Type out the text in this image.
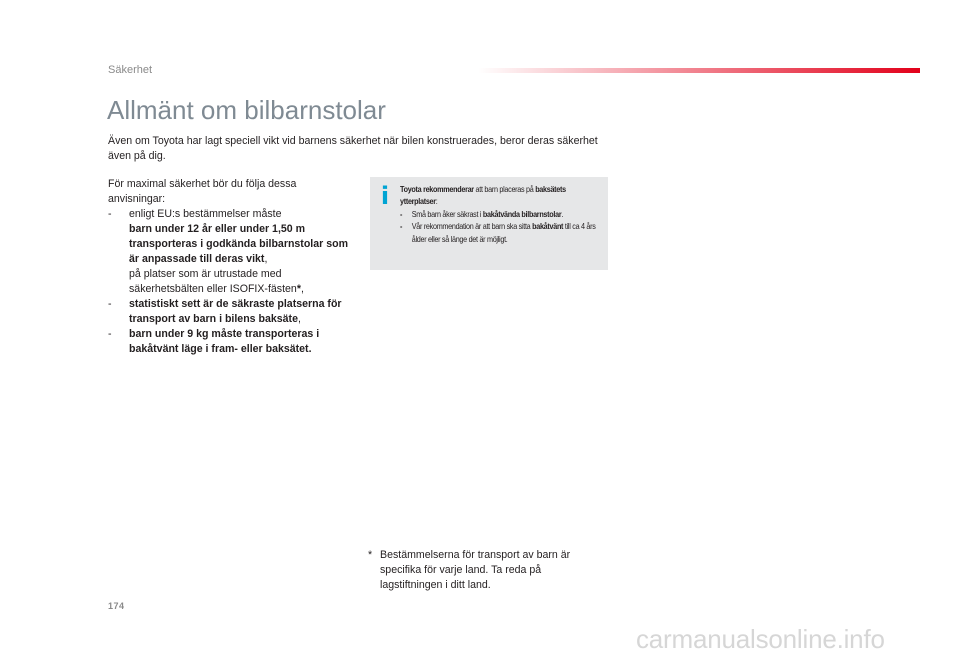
Säkerhet
Allmänt om bilbarnstolar

Även om Toyota har lagt speciell vikt vid barnens säkerhet när bilen konstruerades, beror deras säkerhet även på dig.

För maximal säkerhet bör du följa dessa anvisningar:

- enligt EU:s bestämmelser måste
barn under 12 år eller under 1,50 m transporteras i godkända bilbarnstolar som är anpassade till deras vikt,
på platser som är utrustade med säkerhetsbälten eller ISOFIX-fästen*,
- statistiskt sett är de säkraste platserna för transport av barn i bilens baksäte,
- barn under 9 kg måste transporteras i bakåtvänt läge i fram- eller baksätet.
i	Toyota rekommenderar att barn placeras på baksätets ytterplatser:

- Små barn åker säkrast i bakåtvända bilbarnstolar.
- Vår rekommendation är att barn ska sitta bakåtvänt till ca 4 års ålder eller så länge det är möjligt.
* Bestämmelserna för transport av barn är specifika för varje land. Ta reda på lagstiftningen i ditt land.
174
carmanualsonline.info
